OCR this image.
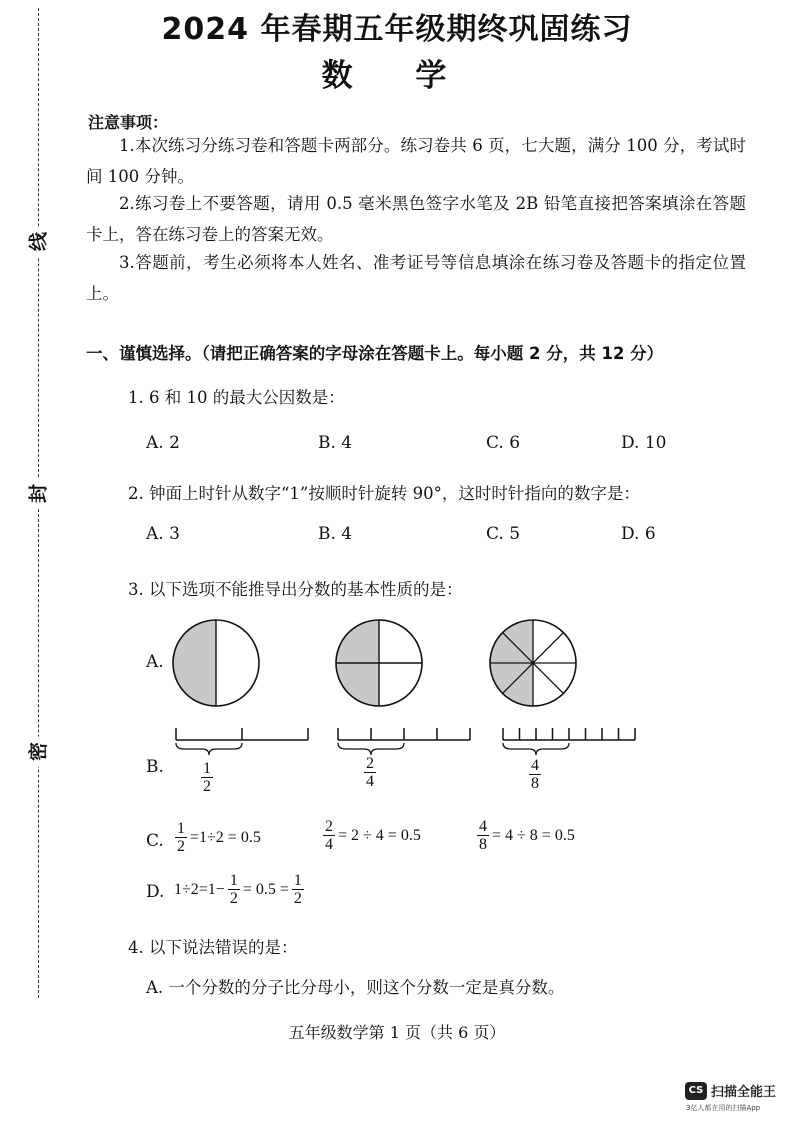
线
封
密
2024 年春期五年级期终巩固练习
数 学
注意事项：
1.本次练习分练习卷和答题卡两部分。练习卷共 6 页，七大题，满分 100 分，考试时间 100 分钟。
2.练习卷上不要答题，请用 0.5 毫米黑色签字水笔及 2B 铅笔直接把答案填涂在答题卡上，答在练习卷上的答案无效。
3.答题前，考生必须将本人姓名、准考证号等信息填涂在练习卷及答题卡的指定位置上。
一、谨慎选择。（请把正确答案的字母涂在答题卡上。每小题 2 分，共 12 分）
1. 6 和 10 的最大公因数是：
A. 2	B. 4	C. 6	D. 10
2. 钟面上时针从数字“1”按顺时针旋转 90°，这时时针指向的数字是：
A. 3	B. 4	C. 5	D. 6
3. 以下选项不能推导出分数的基本性质的是：
A.
B. $\frac{1}{2}$	$\frac{2}{4}$	$\frac{4}{8}$
C. $\frac{1}{2} =1\div 2 = 0.5$	$\frac{2}{4} = 2 \div 4 = 0.5$	$\frac{4}{8} = 4 \div 8 = 0.5$
D. $1\div 2=1- \frac{1}{2} = 0.5 = \frac{1}{2}$
4. 以下说法错误的是：
A. 一个分数的分子比分母小，则这个分数一定是真分数。
五年级数学第 1 页（共 6 页）
CS 扫描全能王
3亿人都在用的扫描App
